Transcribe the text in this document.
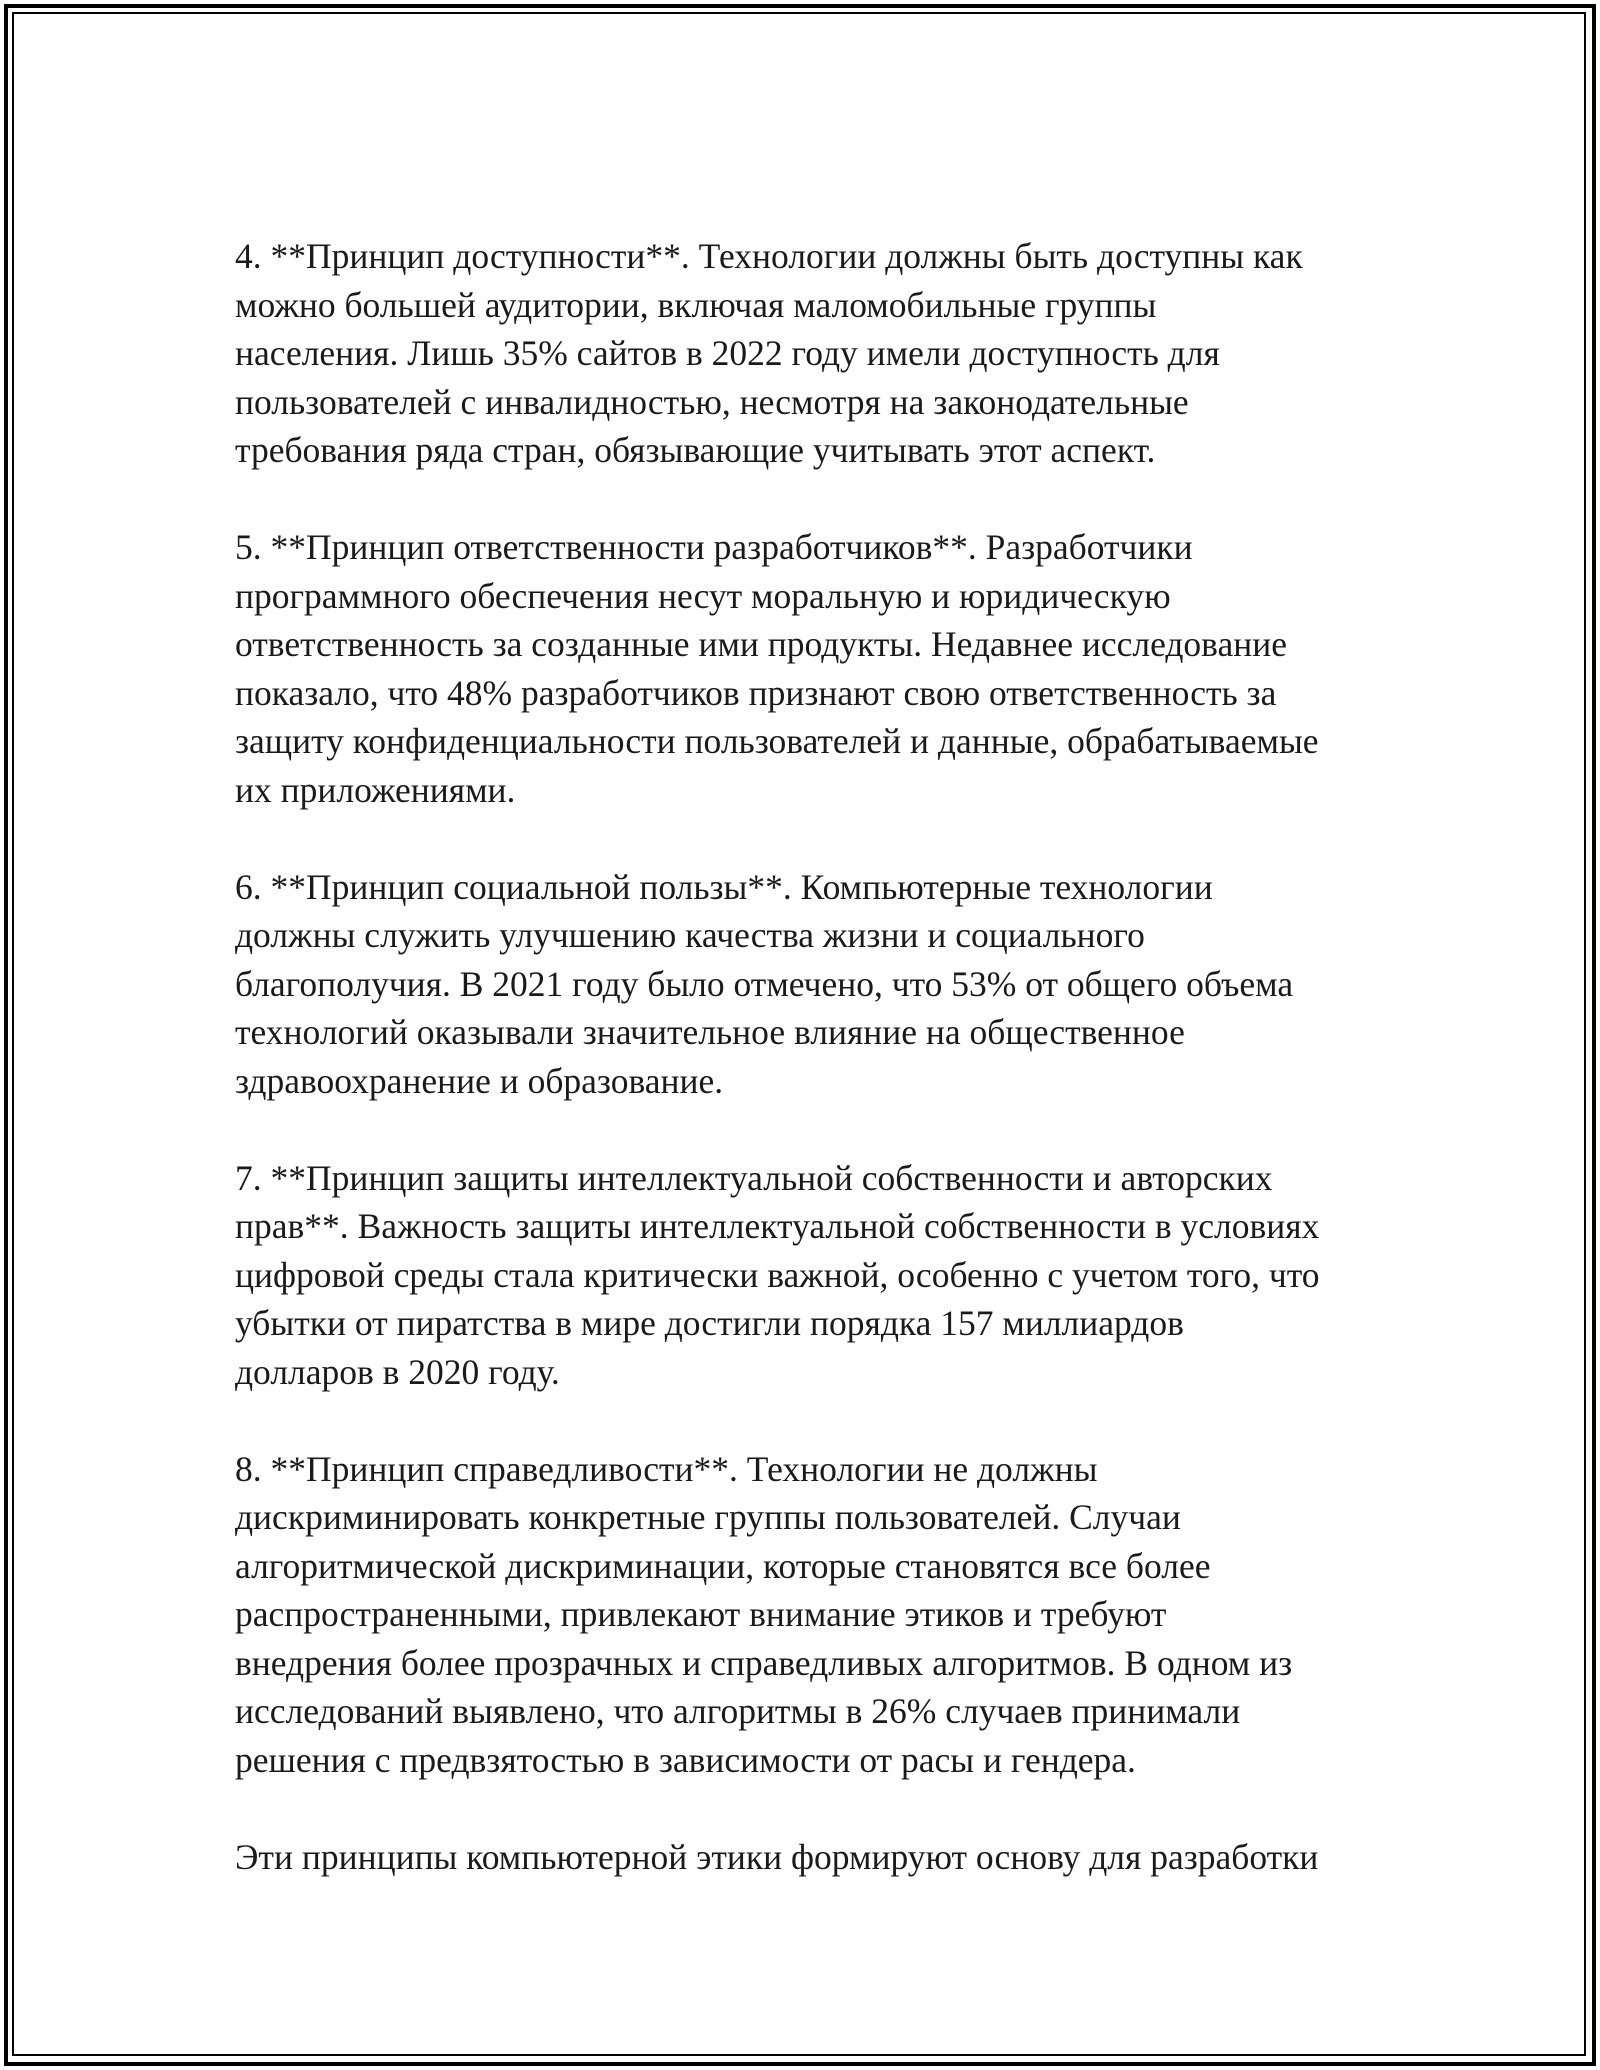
4. **Принцип доступности**. Технологии должны быть доступны как
можно большей аудитории, включая маломобильные группы
населения. Лишь 35% сайтов в 2022 году имели доступность для
пользователей с инвалидностью, несмотря на законодательные
требования ряда стран, обязывающие учитывать этот аспект.

5. **Принцип ответственности разработчиков**. Разработчики
программного обеспечения несут моральную и юридическую
ответственность за созданные ими продукты. Недавнее исследование
показало, что 48% разработчиков признают свою ответственность за
защиту конфиденциальности пользователей и данные, обрабатываемые
их приложениями.

6. **Принцип социальной пользы**. Компьютерные технологии
должны служить улучшению качества жизни и социального
благополучия. В 2021 году было отмечено, что 53% от общего объема
технологий оказывали значительное влияние на общественное
здравоохранение и образование.

7. **Принцип защиты интеллектуальной собственности и авторских
прав**. Важность защиты интеллектуальной собственности в условиях
цифровой среды стала критически важной, особенно с учетом того, что
убытки от пиратства в мире достигли порядка 157 миллиардов
долларов в 2020 году.

8. **Принцип справедливости**. Технологии не должны
дискриминировать конкретные группы пользователей. Случаи
алгоритмической дискриминации, которые становятся все более
распространенными, привлекают внимание этиков и требуют
внедрения более прозрачных и справедливых алгоритмов. В одном из
исследований выявлено, что алгоритмы в 26% случаев принимали
решения с предвзятостью в зависимости от расы и гендера.

Эти принципы компьютерной этики формируют основу для разработки
